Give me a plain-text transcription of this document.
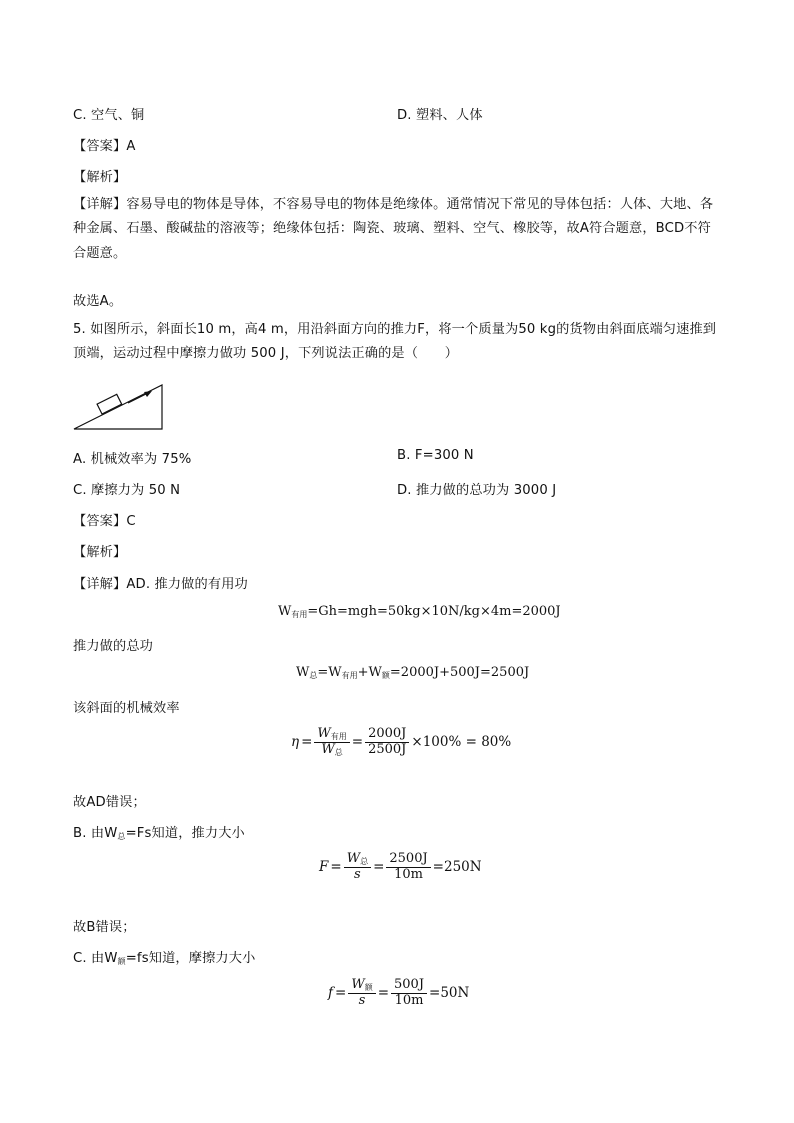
C. 空气、铜	D. 塑料、人体
【答案】A
【解析】
【详解】容易导电的物体是导体，不容易导电的物体是绝缘体。通常情况下常见的导体包括：人体、大地、各种金属、石墨、酸碱盐的溶液等；绝缘体包括：陶瓷、玻璃、塑料、空气、橡胶等，故A符合题意，BCD不符合题意。
故选A。
5. 如图所示，斜面长10 m，高4 m，用沿斜面方向的推力F，将一个质量为50 kg的货物由斜面底端匀速推到顶端，运动过程中摩擦力做功 500 J，下列说法正确的是（　　）
A. 机械效率为 75%	B. F=300 N
C. 摩擦力为 50 N	D. 推力做的总功为 3000 J
【答案】C
【解析】
【详解】AD. 推力做的有用功
$W_{有用}=Gh=mgh=50kg\times 10N/kg\times 4m=2000J$
推力做的总功
$W_总=W_{有用}+W_额=2000J+500J=2500J$
该斜面的机械效率
$\eta = \frac{W_{有用}}{W_总} = \frac{2000J}{2500J} \times 100\% = 80\%$
故AD错误；
B. 由$W_总=Fs$知道，推力大小
$F = \frac{W_总}{s} = \frac{2500J}{10m} =250N$
故B错误；
C. 由$W_额=fs$知道，摩擦力大小
$f = \frac{W_额}{s} = \frac{500J}{10m} =50N$
